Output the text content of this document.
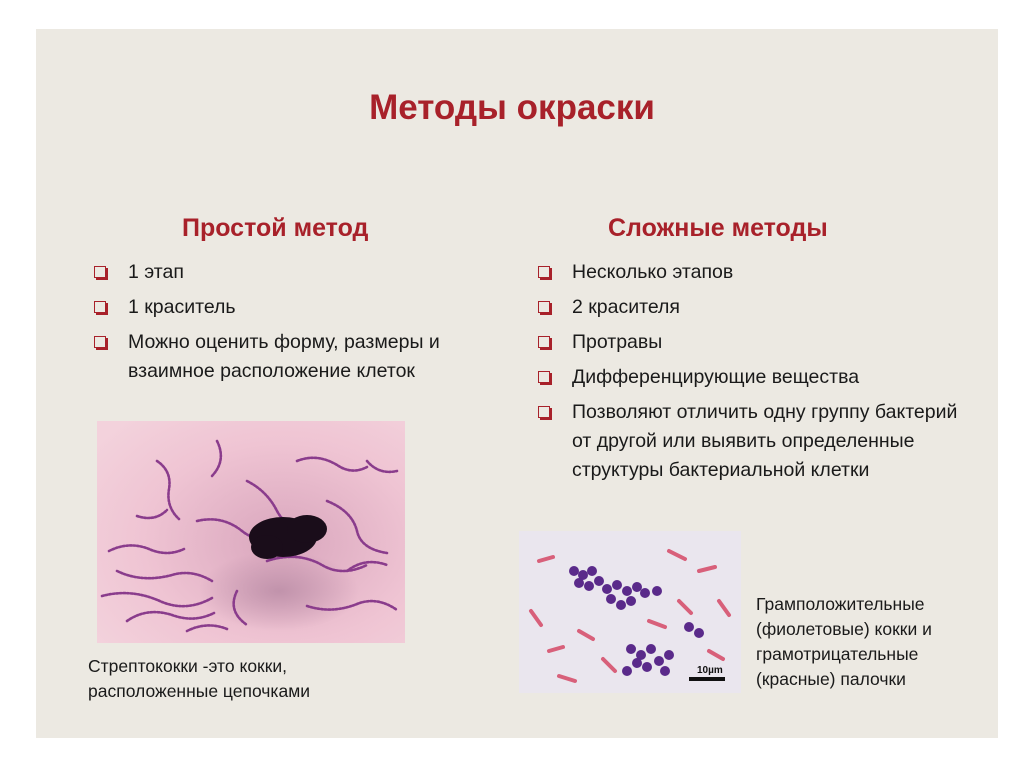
Методы окраски
Простой метод
1 этап
1 краситель
Можно оценить форму, размеры и взаимное расположение клеток
Сложные методы
Несколько этапов
2 красителя
Протравы
Дифференцирующие вещества
Позволяют отличить одну группу бактерий от другой или выявить определенные структуры бактериальной клетки

Стрептококки -это кокки, расположенные цепочками

10µm

Грамположительные (фиолетовые) кокки и грамотрицательные (красные) палочки
